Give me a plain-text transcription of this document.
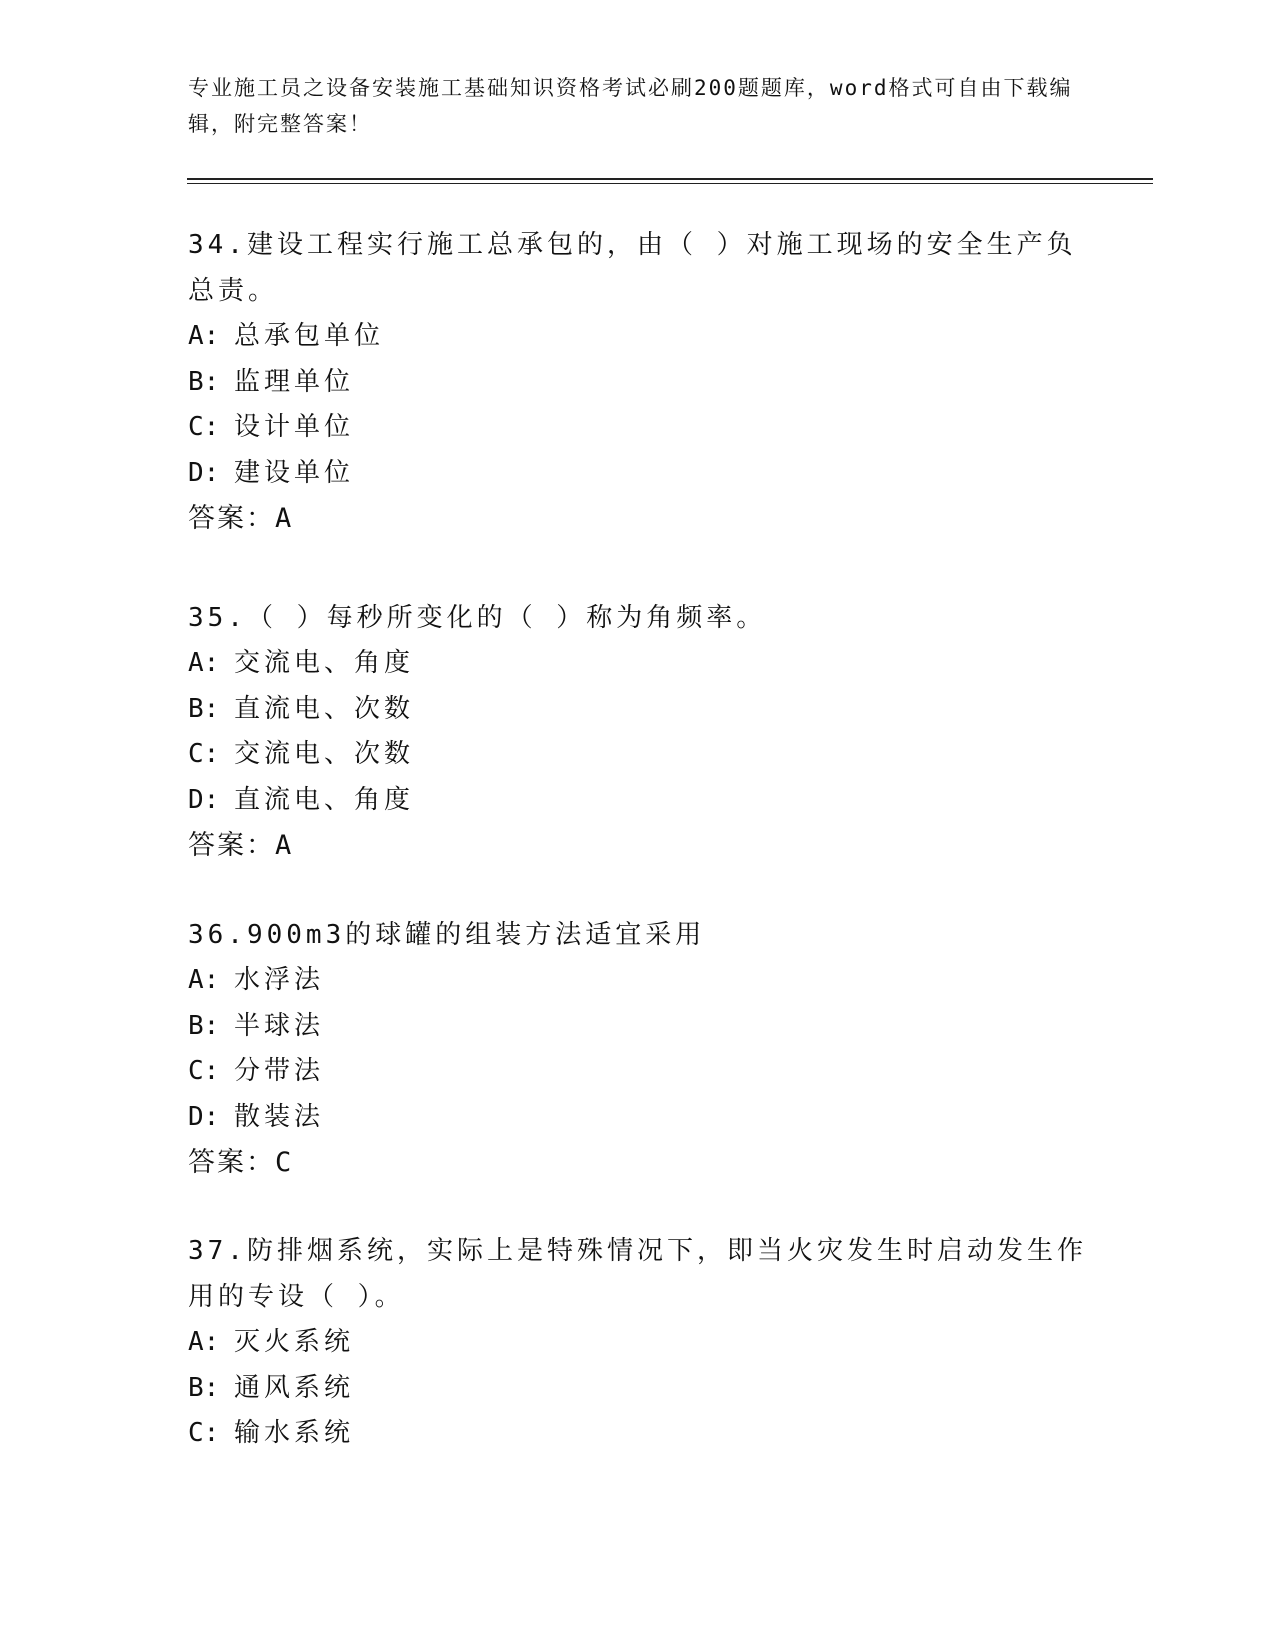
专业施工员之设备安装施工基础知识资格考试必刷200题题库，word格式可自由下载编辑，附完整答案！

34.建设工程实行施工总承包的，由（ ）对施工现场的安全生产负总责。

A: 总承包单位

B: 监理单位

C: 设计单位

D: 建设单位

答案：A

35.（ ）每秒所变化的（ ）称为角频率。

A: 交流电、角度

B: 直流电、次数

C: 交流电、次数

D: 直流电、角度

答案：A

36.900m3的球罐的组装方法适宜采用

A: 水浮法

B: 半球法

C: 分带法

D: 散装法

答案：C

37.防排烟系统，实际上是特殊情况下，即当火灾发生时启动发生作用的专设（ ）。

A: 灭火系统

B: 通风系统

C: 输水系统
